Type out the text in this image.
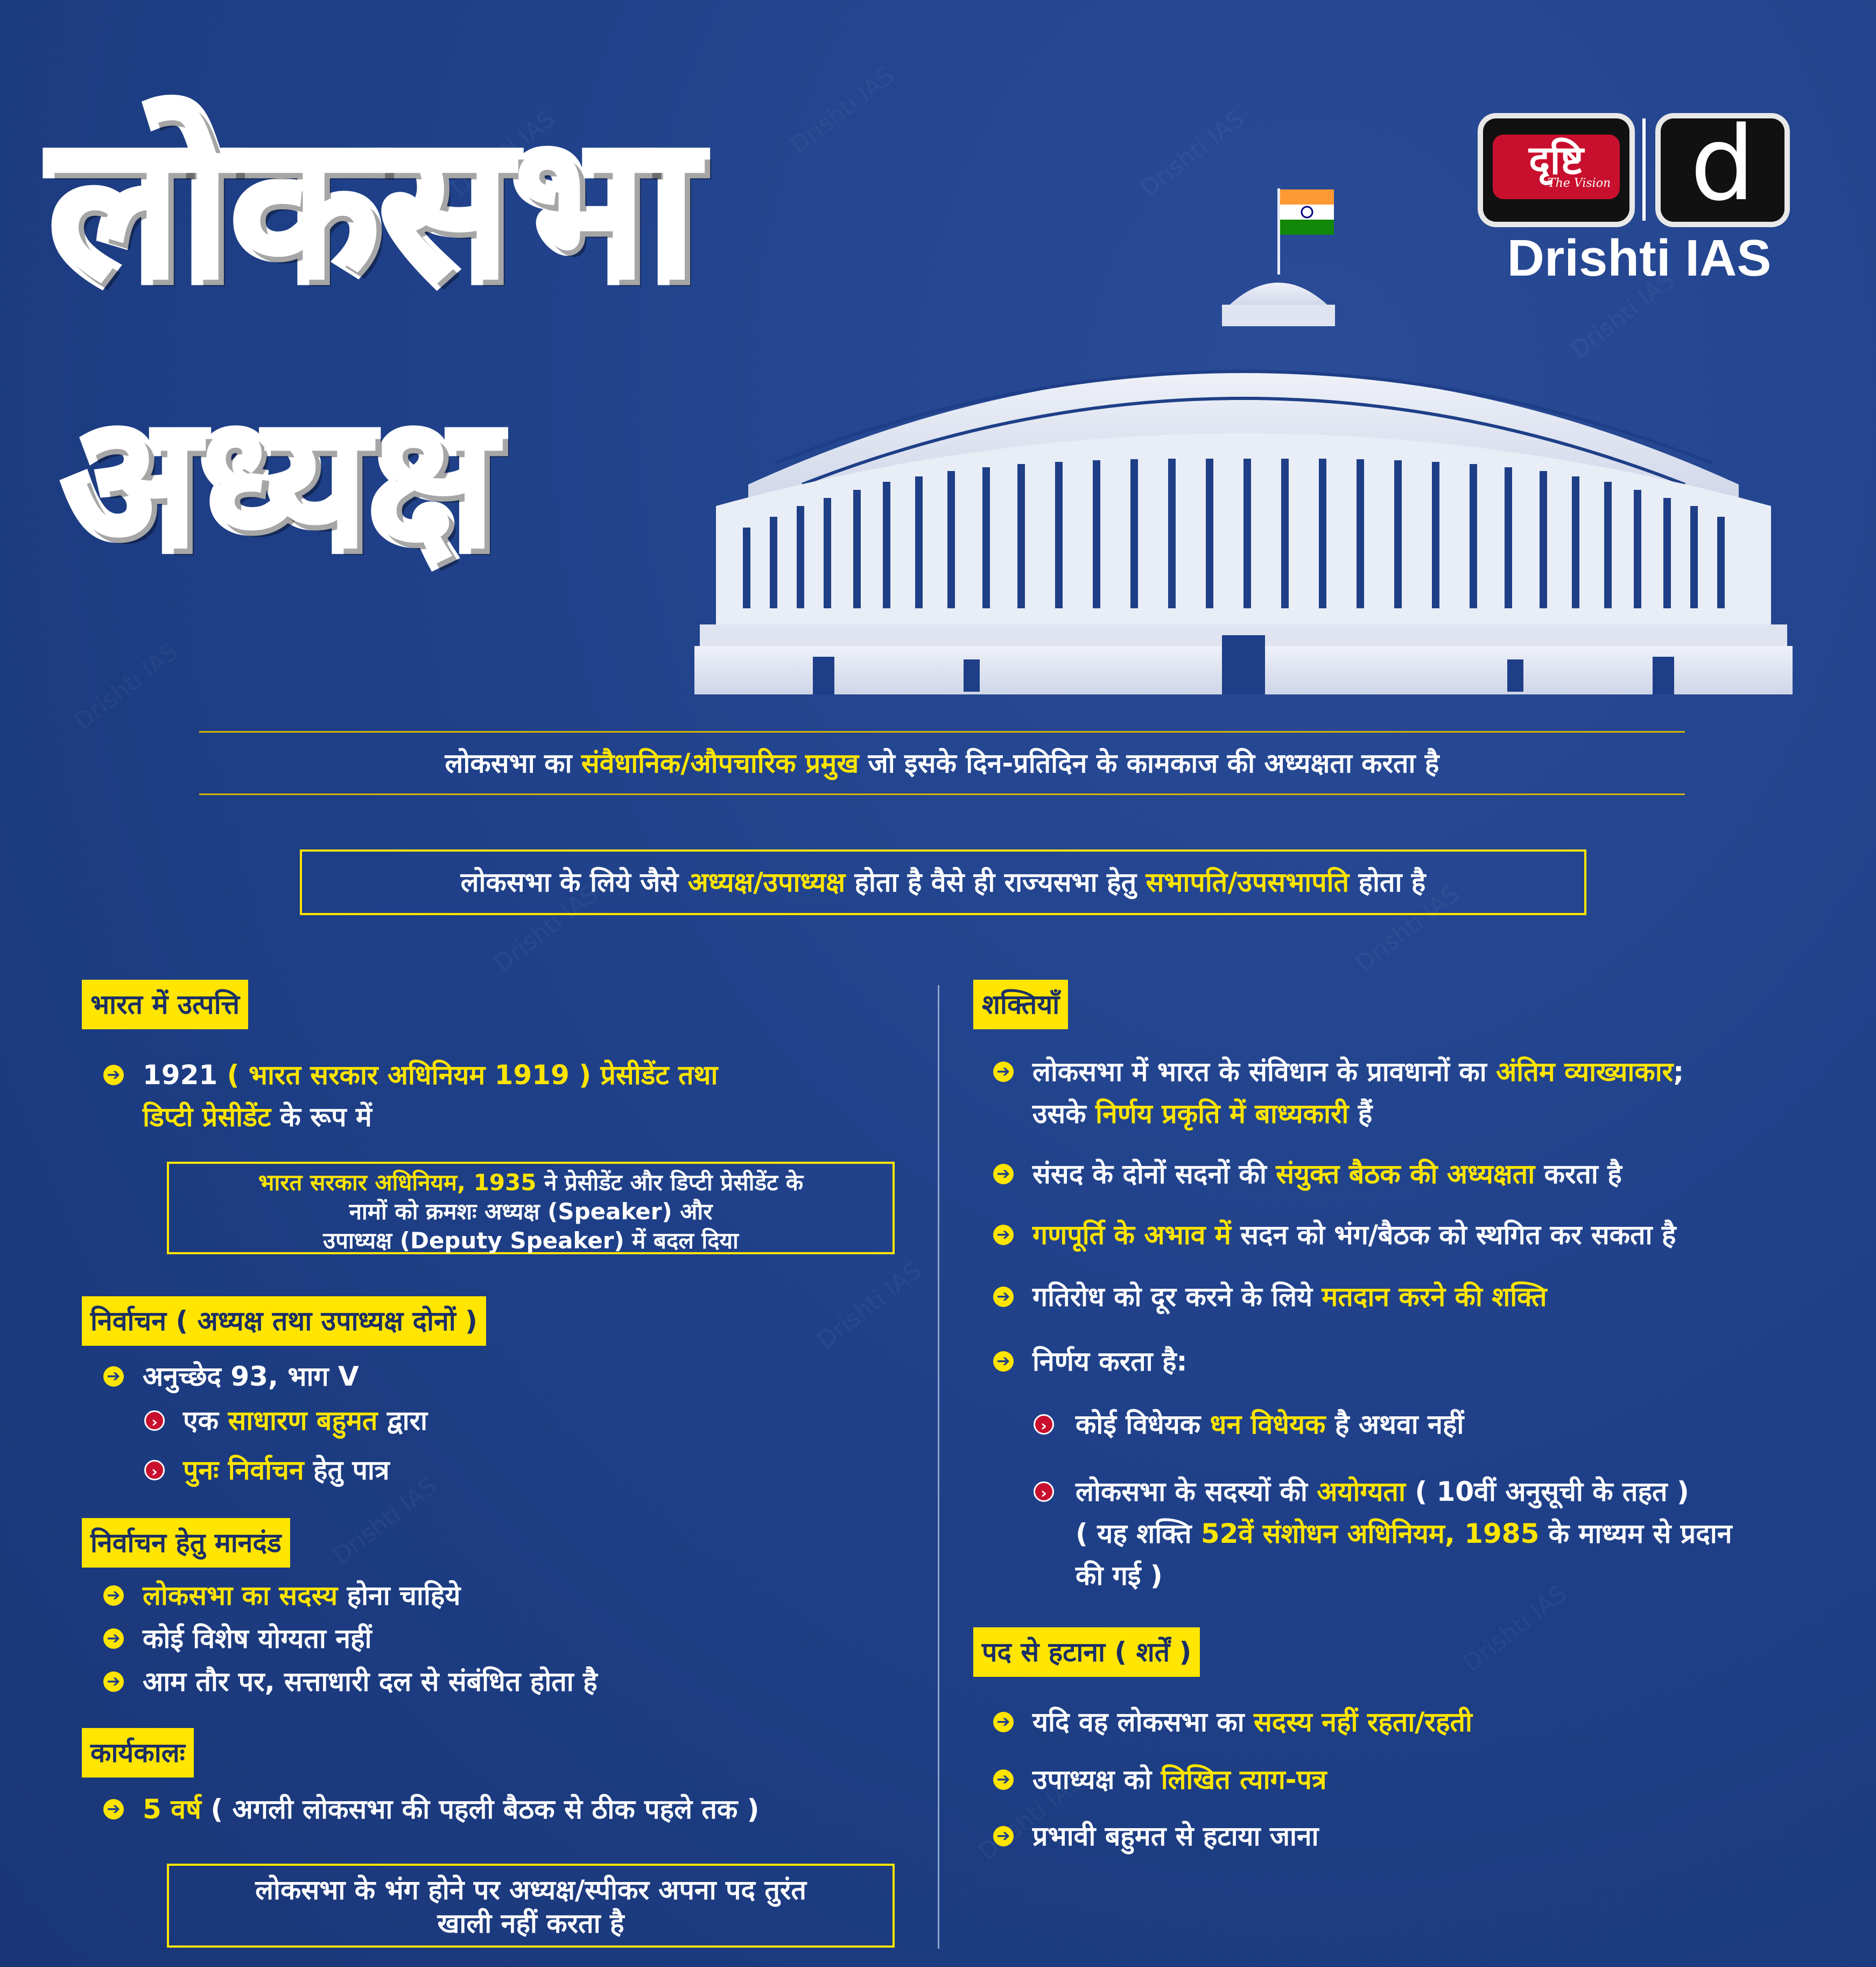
लोकसभा
अध्यक्ष
दृष्टि
The Vision d
Drishti IAS
लोकसभा का संवैधानिक/औपचारिक प्रमुख जो इसके दिन-प्रतिदिन के कामकाज की अध्यक्षता करता है
लोकसभा के लिये जैसे अध्यक्ष/उपाध्यक्ष होता है वैसे ही राज्यसभा हेतु सभापति/उपसभापति होता है
भारत में उत्पत्ति
➔ 1921 ( भारत सरकार अधिनियम 1919 ) प्रेसीडेंट तथा
डिप्टी प्रेसीडेंट के रूप में
भारत सरकार अधिनियम, 1935 ने प्रेसीडेंट और डिप्टी प्रेसीडेंट के
नामों को क्रमशः अध्यक्ष (Speaker) और
उपाध्यक्ष (Deputy Speaker) में बदल दिया
निर्वाचन ( अध्यक्ष तथा उपाध्यक्ष दोनों )
➔ अनुच्छेद 93, भाग V
› एक साधारण बहुमत द्वारा
› पुनः निर्वाचन हेतु पात्र
निर्वाचन हेतु मानदंड
➔ लोकसभा का सदस्य होना चाहिये
➔ कोई विशेष योग्यता नहीं
➔ आम तौर पर, सत्ताधारी दल से संबंधित होता है
कार्यकालः
➔ 5 वर्ष ( अगली लोकसभा की पहली बैठक से ठीक पहले तक )
लोकसभा के भंग होने पर अध्यक्ष/स्पीकर अपना पद तुरंत
खाली नहीं करता है
शक्तियाँ
➔ लोकसभा में भारत के संविधान के प्रावधानों का अंतिम व्याख्याकार;
उसके निर्णय प्रकृति में बाध्यकारी हैं
➔ संसद के दोनों सदनों की संयुक्त बैठक की अध्यक्षता करता है
➔ गणपूर्ति के अभाव में सदन को भंग/बैठक को स्थगित कर सकता है
➔ गतिरोध को दूर करने के लिये मतदान करने की शक्ति
➔ निर्णय करता है:
› कोई विधेयक धन विधेयक है अथवा नहीं
› लोकसभा के सदस्यों की अयोग्यता ( 10वीं अनुसूची के तहत )
( यह शक्ति 52वें संशोधन अधिनियम, 1985 के माध्यम से प्रदान
की गई )
पद से हटाना ( शर्तें )
➔ यदि वह लोकसभा का सदस्य नहीं रहता/रहती
➔ उपाध्यक्ष को लिखित त्याग-पत्र
➔ प्रभावी बहुमत से हटाया जाना
